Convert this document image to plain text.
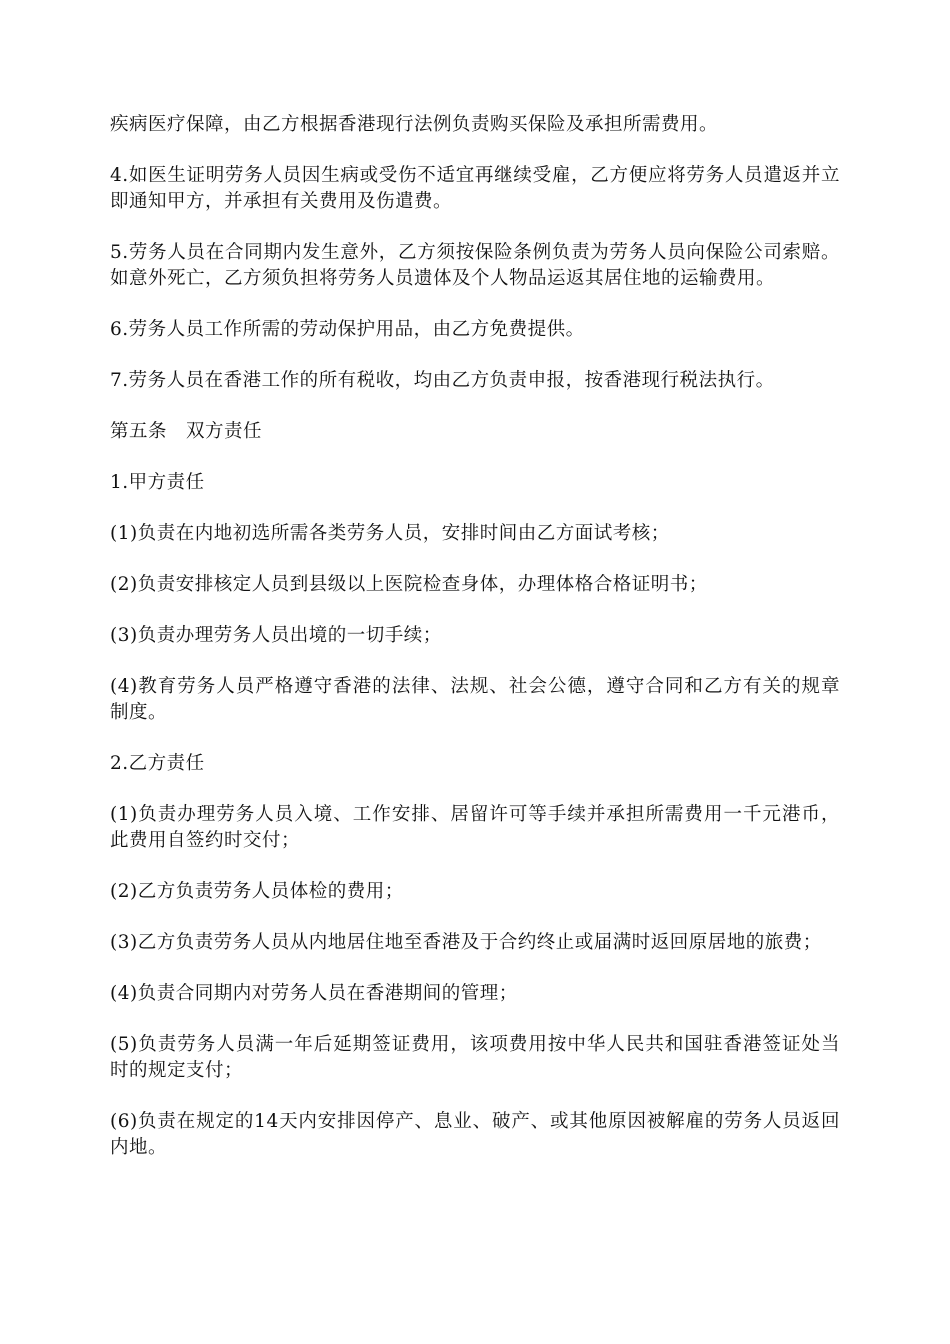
疾病医疗保障，由乙方根据香港现行法例负责购买保险及承担所需费用。

4.如医生证明劳务人员因生病或受伤不适宜再继续受雇，乙方便应将劳务人员遣返并立即通知甲方，并承担有关费用及伤遣费。

5.劳务人员在合同期内发生意外，乙方须按保险条例负责为劳务人员向保险公司索赔。如意外死亡，乙方须负担将劳务人员遗体及个人物品运返其居住地的运输费用。

6.劳务人员工作所需的劳动保护用品，由乙方免费提供。

7.劳务人员在香港工作的所有税收，均由乙方负责申报，按香港现行税法执行。

第五条　双方责任

1.甲方责任

(1)负责在内地初选所需各类劳务人员，安排时间由乙方面试考核；

(2)负责安排核定人员到县级以上医院检查身体，办理体格合格证明书；

(3)负责办理劳务人员出境的一切手续；

(4)教育劳务人员严格遵守香港的法律、法规、社会公德，遵守合同和乙方有关的规章制度。

2.乙方责任

(1)负责办理劳务人员入境、工作安排、居留许可等手续并承担所需费用一千元港币，此费用自签约时交付；

(2)乙方负责劳务人员体检的费用；

(3)乙方负责劳务人员从内地居住地至香港及于合约终止或届满时返回原居地的旅费；

(4)负责合同期内对劳务人员在香港期间的管理；

(5)负责劳务人员满一年后延期签证费用，该项费用按中华人民共和国驻香港签证处当时的规定支付；

(6)负责在规定的14天内安排因停产、息业、破产、或其他原因被解雇的劳务人员返回内地。
